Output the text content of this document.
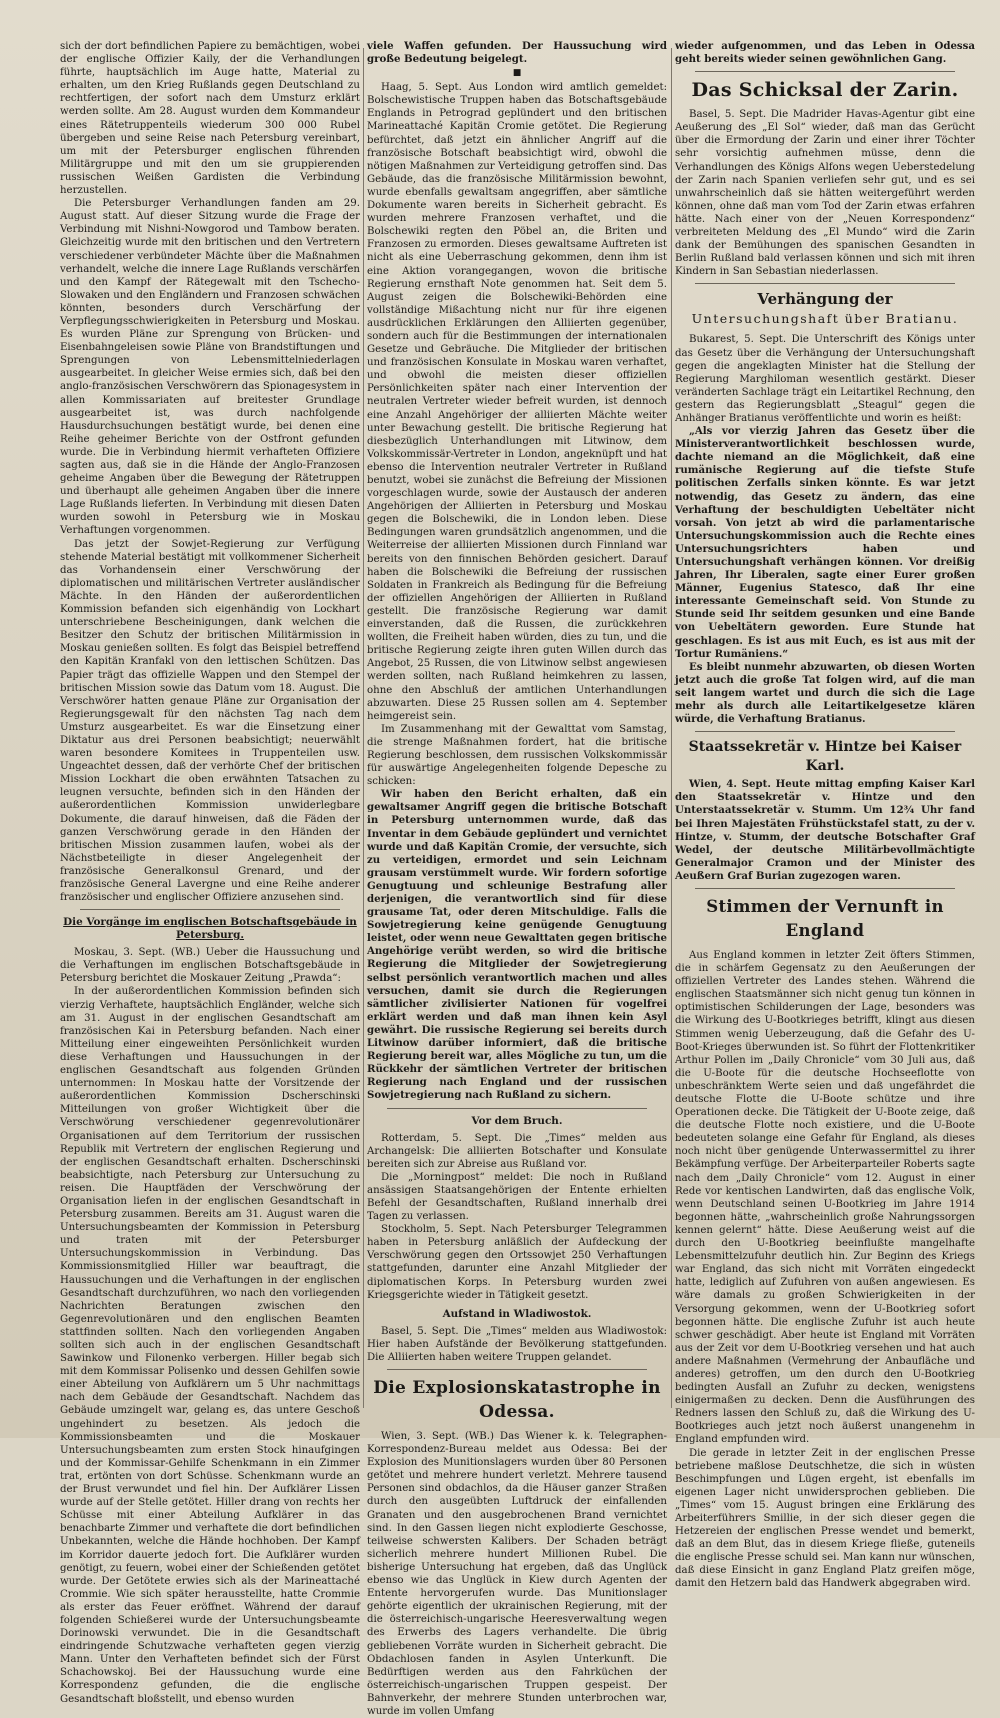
sich der dort befindlichen Papiere zu bemächtigen, wobei der englische Offizier Kaily, der die Verhandlungen führte, hauptsächlich im Auge hatte, Material zu erhalten, um den Krieg Rußlands gegen Deutschland zu rechtfertigen, der sofort nach dem Umsturz erklärt werden sollte. Am 28. August wurden dem Kommandeur eines Rätetruppenteils wiederum 300 000 Rubel übergeben und seine Reise nach Petersburg vereinbart, um mit der Petersburger englischen führenden Militärgruppe und mit den um sie gruppierenden russischen Weißen Gardisten die Verbindung herzustellen.

Die Petersburger Verhandlungen fanden am 29. August statt. Auf dieser Sitzung wurde die Frage der Verbindung mit Nishni-Nowgorod und Tambow beraten. Gleichzeitig wurde mit den britischen und den Vertretern verschiedener verbündeter Mächte über die Maßnahmen verhandelt, welche die innere Lage Rußlands verschärfen und den Kampf der Rätegewalt mit den Tschecho-Slowaken und den Engländern und Franzosen schwächen könnten, besonders durch Verschärfung der Verpflegungsschwierigkeiten in Petersburg und Moskau. Es wurden Pläne zur Sprengung von Brücken- und Eisenbahngeleisen sowie Pläne von Brandstiftungen und Sprengungen von Lebensmittelniederlagen ausgearbeitet. In gleicher Weise ermies sich, daß bei den anglo-französischen Verschwörern das Spionagesystem in allen Kommissariaten auf breitester Grundlage ausgearbeitet ist, was durch nachfolgende Hausdurchsuchungen bestätigt wurde, bei denen eine Reihe geheimer Berichte von der Ostfront gefunden wurde. Die in Verbindung hiermit verhafteten Offiziere sagten aus, daß sie in die Hände der Anglo-Franzosen geheime Angaben über die Bewegung der Rätetruppen und überhaupt alle geheimen Angaben über die innere Lage Rußlands lieferten. In Verbindung mit diesen Daten wurden sowohl in Petersburg wie in Moskau Verhaftungen vorgenommen.

Das jetzt der Sowjet-Regierung zur Verfügung stehende Material bestätigt mit vollkommener Sicherheit das Vorhandensein einer Verschwörung der diplomatischen und militärischen Vertreter ausländischer Mächte. In den Händen der außerordentlichen Kommission befanden sich eigenhändig von Lockhart unterschriebene Bescheinigungen, dank welchen die Besitzer den Schutz der britischen Militärmission in Moskau genießen sollten. Es folgt das Beispiel betreffend den Kapitän Kranfakl von den lettischen Schützen. Das Papier trägt das offizielle Wappen und den Stempel der britischen Mission sowie das Datum vom 18. August. Die Verschwörer hatten genaue Pläne zur Organisation der Regierungsgewalt für den nächsten Tag nach dem Umsturz ausgearbeitet. Es war die Einsetzung einer Diktatur aus drei Personen beabsichtigt; neuerwählt waren besondere Komitees in Truppenteilen usw. Ungeachtet dessen, daß der verhörte Chef der britischen Mission Lockhart die oben erwähnten Tatsachen zu leugnen versuchte, befinden sich in den Händen der außerordentlichen Kommission unwiderlegbare Dokumente, die darauf hinweisen, daß die Fäden der ganzen Verschwörung gerade in den Händen der britischen Mission zusammen laufen, wobei als der Nächstbeteiligte in dieser Angelegenheit der französische Generalkonsul Grenard, und der französische General Lavergne und eine Reihe anderer französischer und englischer Offiziere anzusehen sind.

Die Vorgänge im englischen Botschaftsgebäude in Petersburg.

Moskau, 3. Sept. (WB.) Ueber die Haussuchung und die Verhaftungen im englischen Botschaftsgebäude in Petersburg berichtet die Moskauer Zeitung „Prawda“:

In der außerordentlichen Kommission befinden sich vierzig Verhaftete, hauptsächlich Engländer, welche sich am 31. August in der englischen Gesandtschaft am französischen Kai in Petersburg befanden. Nach einer Mitteilung einer eingeweihten Persönlichkeit wurden diese Verhaftungen und Haussuchungen in der englischen Gesandtschaft aus folgenden Gründen unternommen: In Moskau hatte der Vorsitzende der außerordentlichen Kommission Dscherschinski Mitteilungen von großer Wichtigkeit über die Verschwörung verschiedener gegenrevolutionärer Organisationen auf dem Territorium der russischen Republik mit Vertretern der englischen Regierung und der englischen Gesandtschaft erhalten. Dscherschinski beabsichtigte, nach Petersburg zur Untersuchung zu reisen. Die Hauptfäden der Verschwörung der Organisation liefen in der englischen Gesandtschaft in Petersburg zusammen. Bereits am 31. August waren die Untersuchungsbeamten der Kommission in Petersburg und traten mit der Petersburger Untersuchungskommission in Verbindung. Das Kommissionsmitglied Hiller war beauftragt, die Haussuchungen und die Verhaftungen in der englischen Gesandtschaft durchzuführen, wo nach den vorliegenden Nachrichten Beratungen zwischen den Gegenrevolutionären und den englischen Beamten stattfinden sollten. Nach den vorliegenden Angaben sollten sich auch in der englischen Gesandtschaft Sawinkow und Filonenko verbergen. Hiller begab sich mit dem Kommissar Polisenko und dessen Gehilfen sowie einer Abteilung von Aufklärern um 5 Uhr nachmittags nach dem Gebäude der Gesandtschaft. Nachdem das Gebäude umzingelt war, gelang es, das untere Geschoß ungehindert zu besetzen. Als jedoch die Kommissionsbeamten und die Moskauer Untersuchungsbeamten zum ersten Stock hinaufgingen und der Kommissar-Gehilfe Schenkmann in ein Zimmer trat, ertönten von dort Schüsse. Schenkmann wurde an der Brust verwundet und fiel hin. Der Aufklärer Lissen wurde auf der Stelle getötet. Hiller drang von rechts her Schüsse mit einer Abteilung Aufklärer in das benachbarte Zimmer und verhaftete die dort befindlichen Unbekannten, welche die Hände hochhoben. Der Kampf im Korridor dauerte jedoch fort. Die Aufklärer wurden genötigt, zu feuern, wobei einer der Schießenden getötet wurde. Der Getötete erwies sich als der Marineattaché Crommie. Wie sich später herausstellte, hatte Crommie als erster das Feuer eröffnet. Während der darauf folgenden Schießerei wurde der Untersuchungsbeamte Dorinowski verwundet. Die in die Gesandtschaft eindringende Schutzwache verhafteten gegen vierzig Mann. Unter den Verhafteten befindet sich der Fürst Schachowskoj. Bei der Haussuchung wurde eine Korrespondenz gefunden, die die englische Gesandtschaft bloßstellt, und ebenso wurden

viele Waffen gefunden. Der Haussuchung wird große Bedeutung beigelegt.

■

Haag, 5. Sept. Aus London wird amtlich gemeldet: Bolschewistische Truppen haben das Botschaftsgebäude Englands in Petrograd geplündert und den britischen Marineattaché Kapitän Cromie getötet. Die Regierung befürchtet, daß jetzt ein ähnlicher Angriff auf die französische Botschaft beabsichtigt wird, obwohl die nötigen Maßnahmen zur Verteidigung getroffen sind. Das Gebäude, das die französische Militärmission bewohnt, wurde ebenfalls gewaltsam angegriffen, aber sämtliche Dokumente waren bereits in Sicherheit gebracht. Es wurden mehrere Franzosen verhaftet, und die Bolschewiki regten den Pöbel an, die Briten und Franzosen zu ermorden. Dieses gewaltsame Auftreten ist nicht als eine Ueberraschung gekommen, denn ihm ist eine Aktion vorangegangen, wovon die britische Regierung ernsthaft Note genommen hat. Seit dem 5. August zeigen die Bolschewiki-Behörden eine vollständige Mißachtung nicht nur für ihre eigenen ausdrücklichen Erklärungen den Alliierten gegenüber, sondern auch für die Bestimmungen der internationalen Gesetze und Gebräuche. Die Mitglieder der britischen und französischen Konsulate in Moskau waren verhaftet, und obwohl die meisten dieser offiziellen Persönlichkeiten später nach einer Intervention der neutralen Vertreter wieder befreit wurden, ist dennoch eine Anzahl Angehöriger der alliierten Mächte weiter unter Bewachung gestellt. Die britische Regierung hat diesbezüglich Unterhandlungen mit Litwinow, dem Volkskommissär-Vertreter in London, angeknüpft und hat ebenso die Intervention neutraler Vertreter in Rußland benutzt, wobei sie zunächst die Befreiung der Missionen vorgeschlagen wurde, sowie der Austausch der anderen Angehörigen der Alliierten in Petersburg und Moskau gegen die Bolschewiki, die in London leben. Diese Bedingungen waren grundsätzlich angenommen, und die Weiterreise der alliierten Missionen durch Finnland war bereits von den finnischen Behörden gesichert. Darauf haben die Bolschewiki die Befreiung der russischen Soldaten in Frankreich als Bedingung für die Befreiung der offiziellen Angehörigen der Alliierten in Rußland gestellt. Die französische Regierung war damit einverstanden, daß die Russen, die zurückkehren wollten, die Freiheit haben würden, dies zu tun, und die britische Regierung zeigte ihren guten Willen durch das Angebot, 25 Russen, die von Litwinow selbst angewiesen werden sollten, nach Rußland heimkehren zu lassen, ohne den Abschluß der amtlichen Unterhandlungen abzuwarten. Diese 25 Russen sollen am 4. September heimgereist sein.

Im Zusammenhang mit der Gewalttat vom Samstag, die strenge Maßnahmen fordert, hat die britische Regierung beschlossen, dem russischen Volkskommissär für auswärtige Angelegenheiten folgende Depesche zu schicken:

Wir haben den Bericht erhalten, daß ein gewaltsamer Angriff gegen die britische Botschaft in Petersburg unternommen wurde, daß das Inventar in dem Gebäude geplündert und vernichtet wurde und daß Kapitän Cromie, der versuchte, sich zu verteidigen, ermordet und sein Leichnam grausam verstümmelt wurde. Wir fordern sofortige Genugtuung und schleunige Bestrafung aller derjenigen, die verantwortlich sind für diese grausame Tat, oder deren Mitschuldige. Falls die Sowjetregierung keine genügende Genugtuung leistet, oder wenn neue Gewalttaten gegen britische Angehörige verübt werden, so wird die britische Regierung die Mitglieder der Sowjetregierung selbst persönlich verantwortlich machen und alles versuchen, damit sie durch die Regierungen sämtlicher zivilisierter Nationen für vogelfrei erklärt werden und daß man ihnen kein Asyl gewährt. Die russische Regierung sei bereits durch Litwinow darüber informiert, daß die britische Regierung bereit war, alles Mögliche zu tun, um die Rückkehr der sämtlichen Vertreter der britischen Regierung nach England und der russischen Sowjetregierung nach Rußland zu sichern.

Vor dem Bruch.

Rotterdam, 5. Sept. Die „Times“ melden aus Archangelsk: Die alliierten Botschafter und Konsulate bereiten sich zur Abreise aus Rußland vor.

Die „Morningpost“ meldet: Die noch in Rußland ansässigen Staatsangehörigen der Entente erhielten Befehl der Gesandtschaften, Rußland innerhalb drei Tagen zu verlassen.

Stockholm, 5. Sept. Nach Petersburger Telegrammen haben in Petersburg anläßlich der Aufdeckung der Verschwörung gegen den Ortssowjet 250 Verhaftungen stattgefunden, darunter eine Anzahl Mitglieder der diplomatischen Korps. In Petersburg wurden zwei Kriegsgerichte wieder in Tätigkeit gesetzt.

Aufstand in Wladiwostok.

Basel, 5. Sept. Die „Times“ melden aus Wladiwostok: Hier haben Aufstände der Bevölkerung stattgefunden. Die Alliierten haben weitere Truppen gelandet.

Die Explosionskatastrophe in Odessa.

Wien, 3. Sept. (WB.) Das Wiener k. k. Telegraphen-Korrespondenz-Bureau meldet aus Odessa: Bei der Explosion des Munitionslagers wurden über 80 Personen getötet und mehrere hundert verletzt. Mehrere tausend Personen sind obdachlos, da die Häuser ganzer Straßen durch den ausgeübten Luftdruck der einfallenden Granaten und den ausgebrochenen Brand vernichtet sind. In den Gassen liegen nicht explodierte Geschosse, teilweise schwersten Kalibers. Der Schaden beträgt sicherlich mehrere hundert Millionen Rubel. Die bisherige Untersuchung hat ergeben, daß das Unglück ebenso wie das Unglück in Kiew durch Agenten der Entente hervorgerufen wurde. Das Munitionslager gehörte eigentlich der ukrainischen Regierung, mit der die österreichisch-ungarische Heeresverwaltung wegen des Erwerbs des Lagers verhandelte. Die übrig gebliebenen Vorräte wurden in Sicherheit gebracht. Die Obdachlosen fanden in Asylen Unterkunft. Die Bedürftigen werden aus den Fahrküchen der österreichisch-ungarischen Truppen gespeist. Der Bahnverkehr, der mehrere Stunden unterbrochen war, wurde im vollen Umfang

wieder aufgenommen, und das Leben in Odessa geht bereits wieder seinen gewöhnlichen Gang.

Das Schicksal der Zarin.

Basel, 5. Sept. Die Madrider Havas-Agentur gibt eine Aeußerung des „El Sol“ wieder, daß man das Gerücht über die Ermordung der Zarin und einer ihrer Töchter sehr vorsichtig aufnehmen müsse, denn die Verhandlungen des Königs Alfons wegen Ueberstedelung der Zarin nach Spanien verliefen sehr gut, und es sei unwahrscheinlich daß sie hätten weitergeführt werden können, ohne daß man vom Tod der Zarin etwas erfahren hätte. Nach einer von der „Neuen Korrespondenz“ verbreiteten Meldung des „El Mundo“ wird die Zarin dank der Bemühungen des spanischen Gesandten in Berlin Rußland bald verlassen können und sich mit ihren Kindern in San Sebastian niederlassen.

Verhängung der
Untersuchungshaft über Bratianu.

Bukarest, 5. Sept. Die Unterschrift des Königs unter das Gesetz über die Verhängung der Untersuchungshaft gegen die angeklagten Minister hat die Stellung der Regierung Marghiloman wesentlich gestärkt. Dieser veränderten Sachlage trägt ein Leitartikel Rechnung, den gestern das Regierungsblatt „Steagul“ gegen die Anhänger Bratianus veröffentlichte und worin es heißt:

„Als vor vierzig Jahren das Gesetz über die Ministerverantwortlichkeit beschlossen wurde, dachte niemand an die Möglichkeit, daß eine rumänische Regierung auf die tiefste Stufe politischen Zerfalls sinken könnte. Es war jetzt notwendig, das Gesetz zu ändern, das eine Verhaftung der beschuldigten Uebeltäter nicht vorsah. Von jetzt ab wird die parlamentarische Untersuchungskommission auch die Rechte eines Untersuchungsrichters haben und Untersuchungshaft verhängen können. Vor dreißig Jahren, Ihr Liberalen, sagte einer Eurer großen Männer, Eugenius Statesco, daß Ihr eine interessante Gemeinschaft seid. Von Stunde zu Stunde seid Ihr seitdem gesunken und eine Bande von Uebeltätern geworden. Eure Stunde hat geschlagen. Es ist aus mit Euch, es ist aus mit der Tortur Rumäniens.“

Es bleibt nunmehr abzuwarten, ob diesen Worten jetzt auch die große Tat folgen wird, auf die man seit langem wartet und durch die sich die Lage mehr als durch alle Leitartikelgesetze klären würde, die Verhaftung Bratianus.

Staatssekretär v. Hintze bei Kaiser Karl.

Wien, 4. Sept. Heute mittag empfing Kaiser Karl den Staatssekretär v. Hintze und den Unterstaatssekretär v. Stumm. Um 12¾ Uhr fand bei Ihren Majestäten Frühstückstafel statt, zu der v. Hintze, v. Stumm, der deutsche Botschafter Graf Wedel, der deutsche Militärbevollmächtigte Generalmajor Cramon und der Minister des Aeußern Graf Burian zugezogen waren.

Stimmen der Vernunft in England

Aus England kommen in letzter Zeit öfters Stimmen, die in schärfem Gegensatz zu den Aeußerungen der offiziellen Vertreter des Landes stehen. Während die englischen Staatsmänner sich nicht genug tun können in optimistischen Schilderungen der Lage, besonders was die Wirkung des U-Bootkrieges betrifft, klingt aus diesen Stimmen wenig Ueberzeugung, daß die Gefahr des U-Boot-Krieges überwunden ist. So führt der Flottenkritiker Arthur Pollen im „Daily Chronicle“ vom 30 Juli aus, daß die U-Boote für die deutsche Hochseeflotte von unbeschränktem Werte seien und daß ungefährdet die deutsche Flotte die U-Boote schütze und ihre Operationen decke. Die Tätigkeit der U-Boote zeige, daß die deutsche Flotte noch existiere, und die U-Boote bedeuteten solange eine Gefahr für England, als dieses noch nicht über genügende Unterwassermittel zu ihrer Bekämpfung verfüge. Der Arbeiterparteiler Roberts sagte nach dem „Daily Chronicle“ vom 12. August in einer Rede vor kentischen Landwirten, daß das englische Volk, wenn Deutschland seinen U-Bootkrieg im Jahre 1914 begonnen hätte, „wahrscheinlich große Nahrungssorgen kennen gelernt“ hätte. Diese Aeußerung weist auf die durch den U-Bootkrieg beeinflußte mangelhafte Lebensmittelzufuhr deutlich hin. Zur Beginn des Kriegs war England, das sich nicht mit Vorräten eingedeckt hatte, lediglich auf Zufuhren von außen angewiesen. Es wäre damals zu großen Schwierigkeiten in der Versorgung gekommen, wenn der U-Bootkrieg sofort begonnen hätte. Die englische Zufuhr ist auch heute schwer geschädigt. Aber heute ist England mit Vorräten aus der Zeit vor dem U-Bootkrieg versehen und hat auch andere Maßnahmen (Vermehrung der Anbaufläche und anderes) getroffen, um den durch den U-Bootkrieg bedingten Ausfall an Zufuhr zu decken, wenigstens einigermaßen zu decken. Denn die Ausführungen des Redners lassen den Schluß zu, daß die Wirkung des U-Bootkrieges auch jetzt noch äußerst unangenehm in England empfunden wird.

Die gerade in letzter Zeit in der englischen Presse betriebene maßlose Deutschhetze, die sich in wüsten Beschimpfungen und Lügen ergeht, ist ebenfalls im eigenen Lager nicht unwidersprochen geblieben. Die „Times“ vom 15. August bringen eine Erklärung des Arbeiterführers Smillie, in der sich dieser gegen die Hetzereien der englischen Presse wendet und bemerkt, daß an dem Blut, das in diesem Kriege fließe, guteneils die englische Presse schuld sei. Man kann nur wünschen, daß diese Einsicht in ganz England Platz greifen möge, damit den Hetzern bald das Handwerk abgegraben wird.
